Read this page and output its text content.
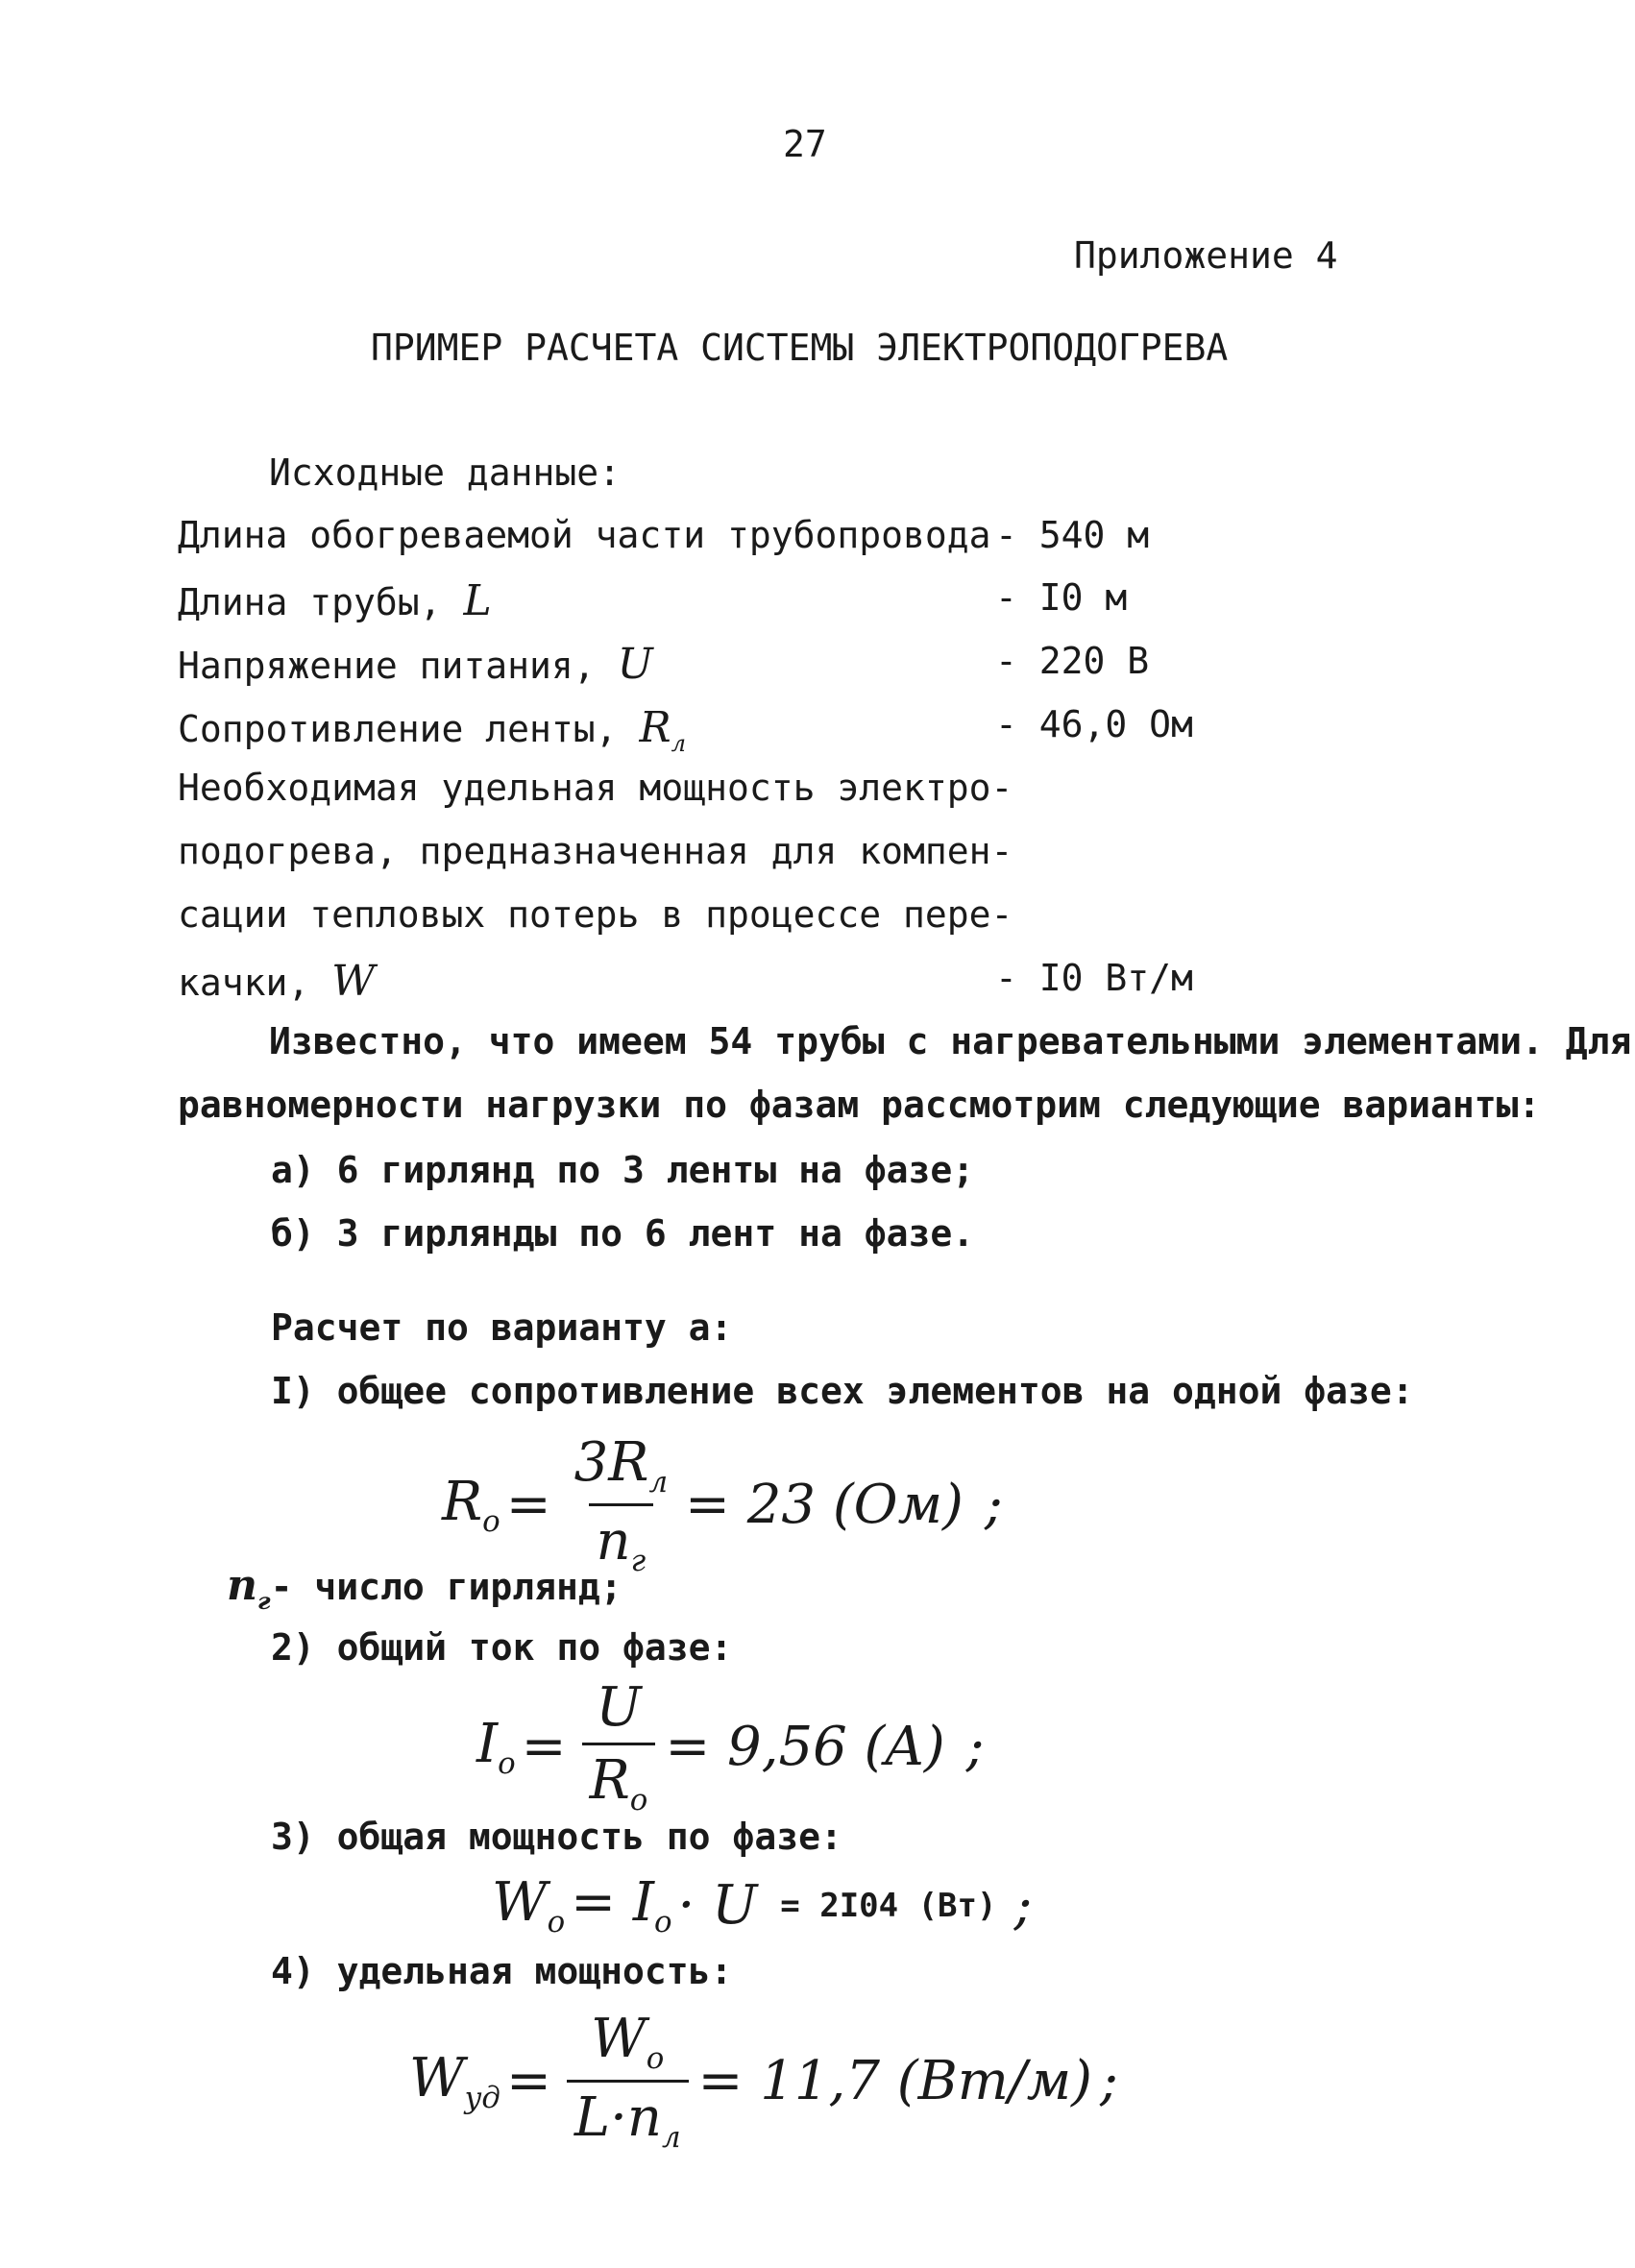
27
Приложение 4
ПРИМЕР РАСЧЕТА СИСТЕМЫ ЭЛЕКТРОПОДОГРЕВА
Исходные данные:
Длина обогреваемой части трубопровода - 540 м
Длина трубы, L	- I0 м
Напряжение питания, U	- 220 В
Сопротивление ленты, $R_л$	- 46,0 Ом
Необходимая удельная мощность электро-
подогрева, предназначенная для компен-
сации тепловых потерь в процессе пере-
качки, W	- I0 Вт/м
Известно, что имеем 54 трубы с нагревательными элементами. Для
равномерности нагрузки по фазам рассмотрим следующие варианты:
а) 6 гирлянд по 3 ленты на фазе;
б) 3 гирлянды по 6 лент на фазе.
Расчет по варианту а:
I) общее сопротивление всех элементов на одной фазе:
$R_o = \frac{3R_л}{n_г} = 23$ (Ом) ;
$n_г-$ число гирлянд;
2) общий ток по фазе:
$I_o = \frac{U}{R_o} = 9,56$ (A) ;
3) общая мощность по фазе:
$W_o = I_o \cdot U = 2I04$ (Вт) ;
4) удельная мощность:
$W_{уд} = \frac{W_o}{L\cdot n_л} = 11,7$ (Вт/м) ;
